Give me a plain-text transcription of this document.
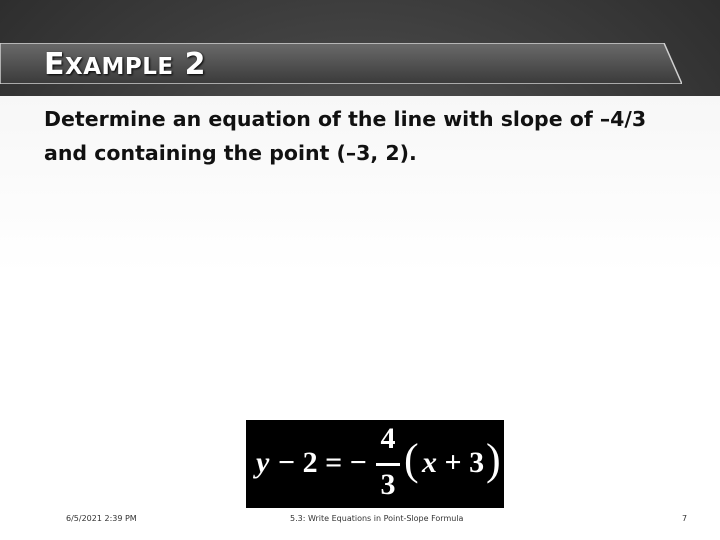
EXAMPLE 2
Determine an equation of the line with slope of –4/3
and containing the point (–3, 2).
y − 2 = −
4
3
( x + 3 )
6/5/2021 2:39 PM	5.3: Write Equations in Point-Slope Formula	7
